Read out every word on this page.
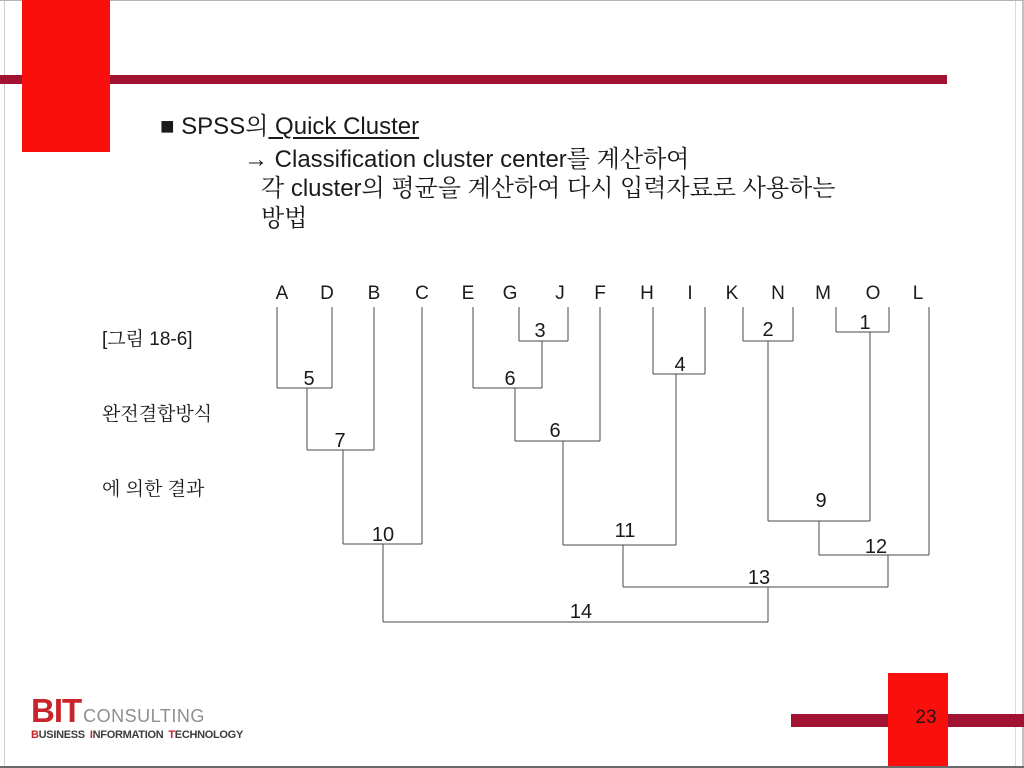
■ SPSS의 Quick Cluster
→ Classification cluster center를 계산하여
각 cluster의 평균을 계산하여 다시 입력자료로 사용하는
방법

[그림 18-6]

완전결합방식

에 의한 결과

A D B C E G J F H I K N M O L
1
2
3
4
5	6
6
7
9
10	11
12
13
14
BIT CONSULTING
BUSINESS INFORMATION TECHNOLOGY
23
